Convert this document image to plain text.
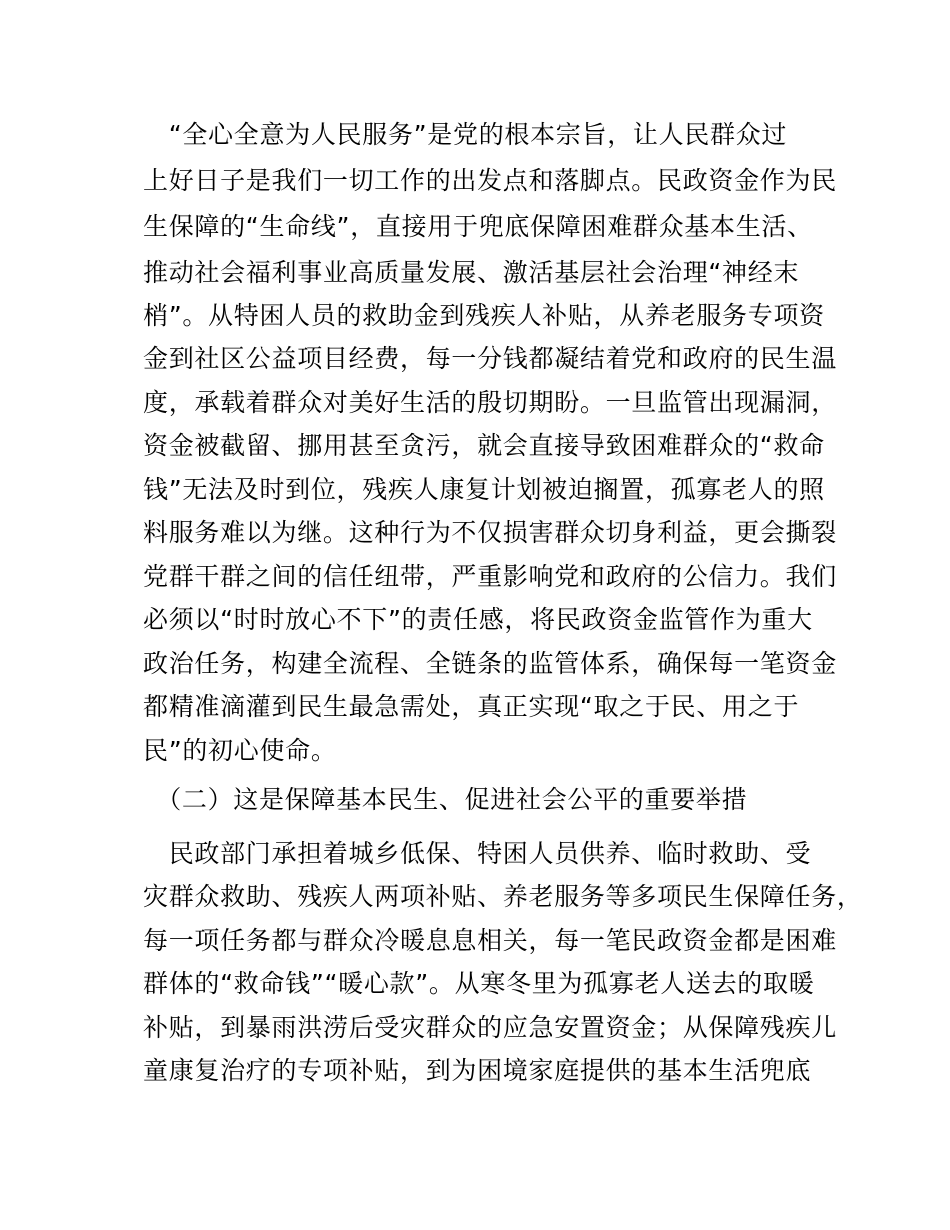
　“全心全意为人民服务”是党的根本宗旨，让人民群众过
上好日子是我们一切工作的出发点和落脚点。民政资金作为民
生保障的“生命线”，直接用于兜底保障困难群众基本生活、
推动社会福利事业高质量发展、激活基层社会治理“神经末
梢”。从特困人员的救助金到残疾人补贴，从养老服务专项资
金到社区公益项目经费，每一分钱都凝结着党和政府的民生温
度，承载着群众对美好生活的殷切期盼。一旦监管出现漏洞，
资金被截留、挪用甚至贪污，就会直接导致困难群众的“救命
钱”无法及时到位，残疾人康复计划被迫搁置，孤寡老人的照
料服务难以为继。这种行为不仅损害群众切身利益，更会撕裂
党群干群之间的信任纽带，严重影响党和政府的公信力。我们
必须以“时时放心不下”的责任感，将民政资金监管作为重大
政治任务，构建全流程、全链条的监管体系，确保每一笔资金
都精准滴灌到民生最急需处，真正实现“取之于民、用之于
民”的初心使命。
　（二）这是保障基本民生、促进社会公平的重要举措
　民政部门承担着城乡低保、特困人员供养、临时救助、受
灾群众救助、残疾人两项补贴、养老服务等多项民生保障任务，
每一项任务都与群众冷暖息息相关，每一笔民政资金都是困难
群体的“救命钱”“暖心款”。从寒冬里为孤寡老人送去的取暖
补贴，到暴雨洪涝后受灾群众的应急安置资金；从保障残疾儿
童康复治疗的专项补贴，到为困境家庭提供的基本生活兜底
